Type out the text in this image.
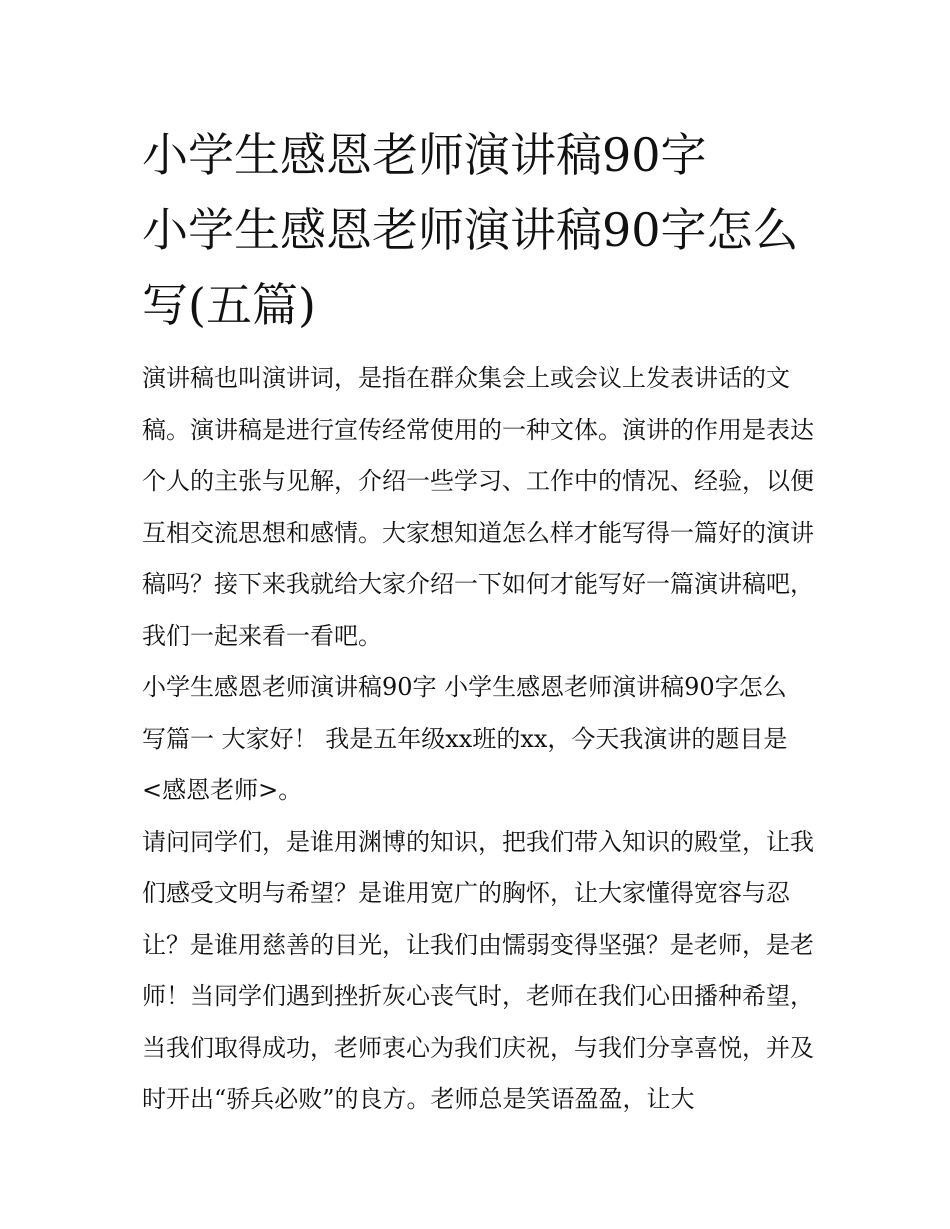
小学生感恩老师演讲稿90字
小学生感恩老师演讲稿90字怎么写(五篇)

演讲稿也叫演讲词，是指在群众集会上或会议上发表讲话的文稿。演讲稿是进行宣传经常使用的一种文体。演讲的作用是表达个人的主张与见解，介绍一些学习、工作中的情况、经验，以便互相交流思想和感情。大家想知道怎么样才能写得一篇好的演讲稿吗？接下来我就给大家介绍一下如何才能写好一篇演讲稿吧，我们一起来看一看吧。

小学生感恩老师演讲稿90字 小学生感恩老师演讲稿90字怎么写篇一 大家好！ 我是五年级xx班的xx，今天我演讲的题目是<感恩老师>。

请问同学们，是谁用渊博的知识，把我们带入知识的殿堂，让我们感受文明与希望？是谁用宽广的胸怀，让大家懂得宽容与忍让？是谁用慈善的目光，让我们由懦弱变得坚强？是老师，是老师！当同学们遇到挫折灰心丧气时，老师在我们心田播种希望，当我们取得成功，老师衷心为我们庆祝，与我们分享喜悦，并及时开出“骄兵必败”的良方。老师总是笑语盈盈，让大
